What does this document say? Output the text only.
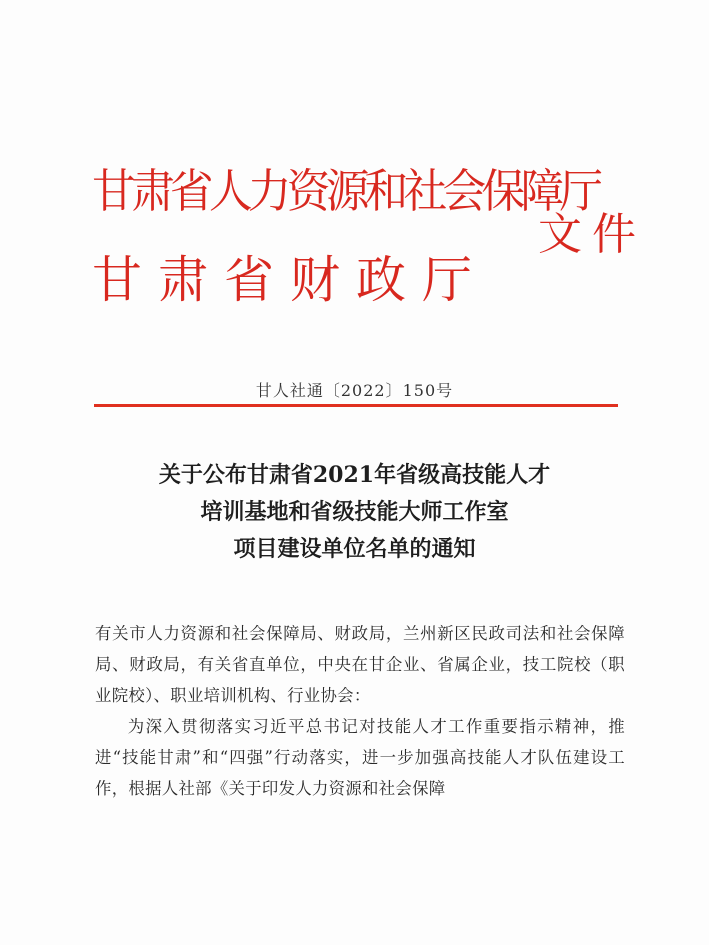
甘肃省人力资源和社会保障厅
甘肃省财政厅
文件
甘人社通〔2022〕150号
关于公布甘肃省2021年省级高技能人才
培训基地和省级技能大师工作室
项目建设单位名单的通知

有关市人力资源和社会保障局、财政局，兰州新区民政司法和社会保障局、财政局，有关省直单位，中央在甘企业、省属企业，技工院校（职业院校）、职业培训机构、行业协会：

为深入贯彻落实习近平总书记对技能人才工作重要指示精神，推进“技能甘肃”和“四强”行动落实，进一步加强高技能人才队伍建设工作，根据人社部《关于印发人力资源和社会保障
